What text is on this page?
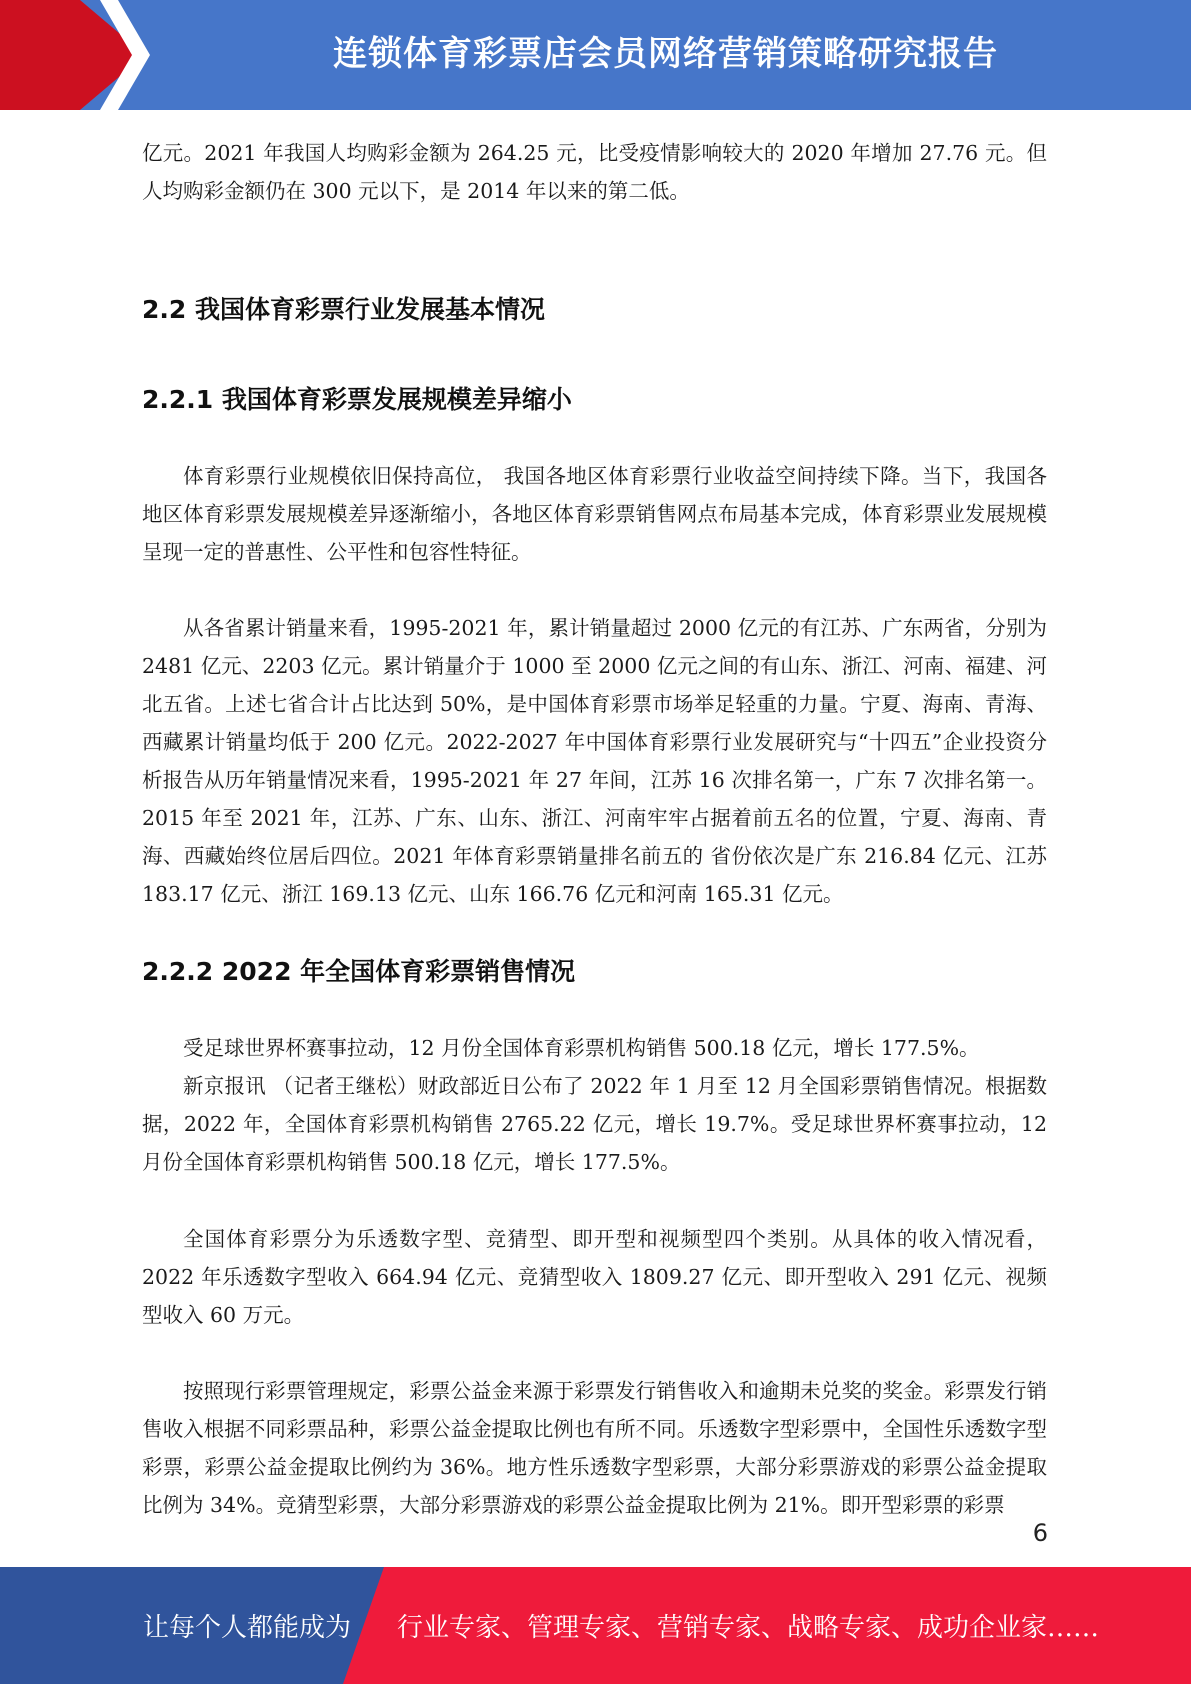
连锁体育彩票店会员网络营销策略研究报告

亿元。2021 年我国人均购彩金额为 264.25 元，比受疫情影响较大的 2020 年增加 27.76 元。但人均购彩金额仍在 300 元以下，是 2014 年以来的第二低。

2.2 我国体育彩票行业发展基本情况
2.2.1 我国体育彩票发展规模差异缩小

体育彩票行业规模依旧保持高位， 我国各地区体育彩票行业收益空间持续下降。当下，我国各地区体育彩票发展规模差异逐渐缩小，各地区体育彩票销售网点布局基本完成，体育彩票业发展规模呈现一定的普惠性、公平性和包容性特征。

从各省累计销量来看，1995-2021 年，累计销量超过 2000 亿元的有江苏、广东两省，分别为 2481 亿元、2203 亿元。累计销量介于 1000 至 2000 亿元之间的有山东、浙江、河南、福建、河北五省。上述七省合计占比达到 50%，是中国体育彩票市场举足轻重的力量。宁夏、海南、青海、西藏累计销量均低于 200 亿元。2022-2027 年中国体育彩票行业发展研究与“十四五”企业投资分析报告从历年销量情况来看，1995-2021 年 27 年间，江苏 16 次排名第一，广东 7 次排名第一。2015 年至 2021 年，江苏、广东、山东、浙江、河南牢牢占据着前五名的位置，宁夏、海南、青海、西藏始终位居后四位。2021 年体育彩票销量排名前五的 省份依次是广东 216.84 亿元、江苏 183.17 亿元、浙江 169.13 亿元、山东 166.76 亿元和河南 165.31 亿元。

2.2.2 2022 年全国体育彩票销售情况

受足球世界杯赛事拉动，12 月份全国体育彩票机构销售 500.18 亿元，增长 177.5%。

新京报讯 （记者王继松）财政部近日公布了 2022 年 1 月至 12 月全国彩票销售情况。根据数据，2022 年，全国体育彩票机构销售 2765.22 亿元，增长 19.7%。受足球世界杯赛事拉动，12 月份全国体育彩票机构销售 500.18 亿元，增长 177.5%。

全国体育彩票分为乐透数字型、竞猜型、即开型和视频型四个类别。从具体的收入情况看，2022 年乐透数字型收入 664.94 亿元、竞猜型收入 1809.27 亿元、即开型收入 291 亿元、视频型收入 60 万元。

按照现行彩票管理规定，彩票公益金来源于彩票发行销售收入和逾期未兑奖的奖金。彩票发行销售收入根据不同彩票品种，彩票公益金提取比例也有所不同。乐透数字型彩票中，全国性乐透数字型彩票，彩票公益金提取比例约为 36%。地方性乐透数字型彩票，大部分彩票游戏的彩票公益金提取比例为 34%。竞猜型彩票，大部分彩票游戏的彩票公益金提取比例为 21%。即开型彩票的彩票

6
让每个人都能成为 行业专家、管理专家、营销专家、战略专家、成功企业家……
